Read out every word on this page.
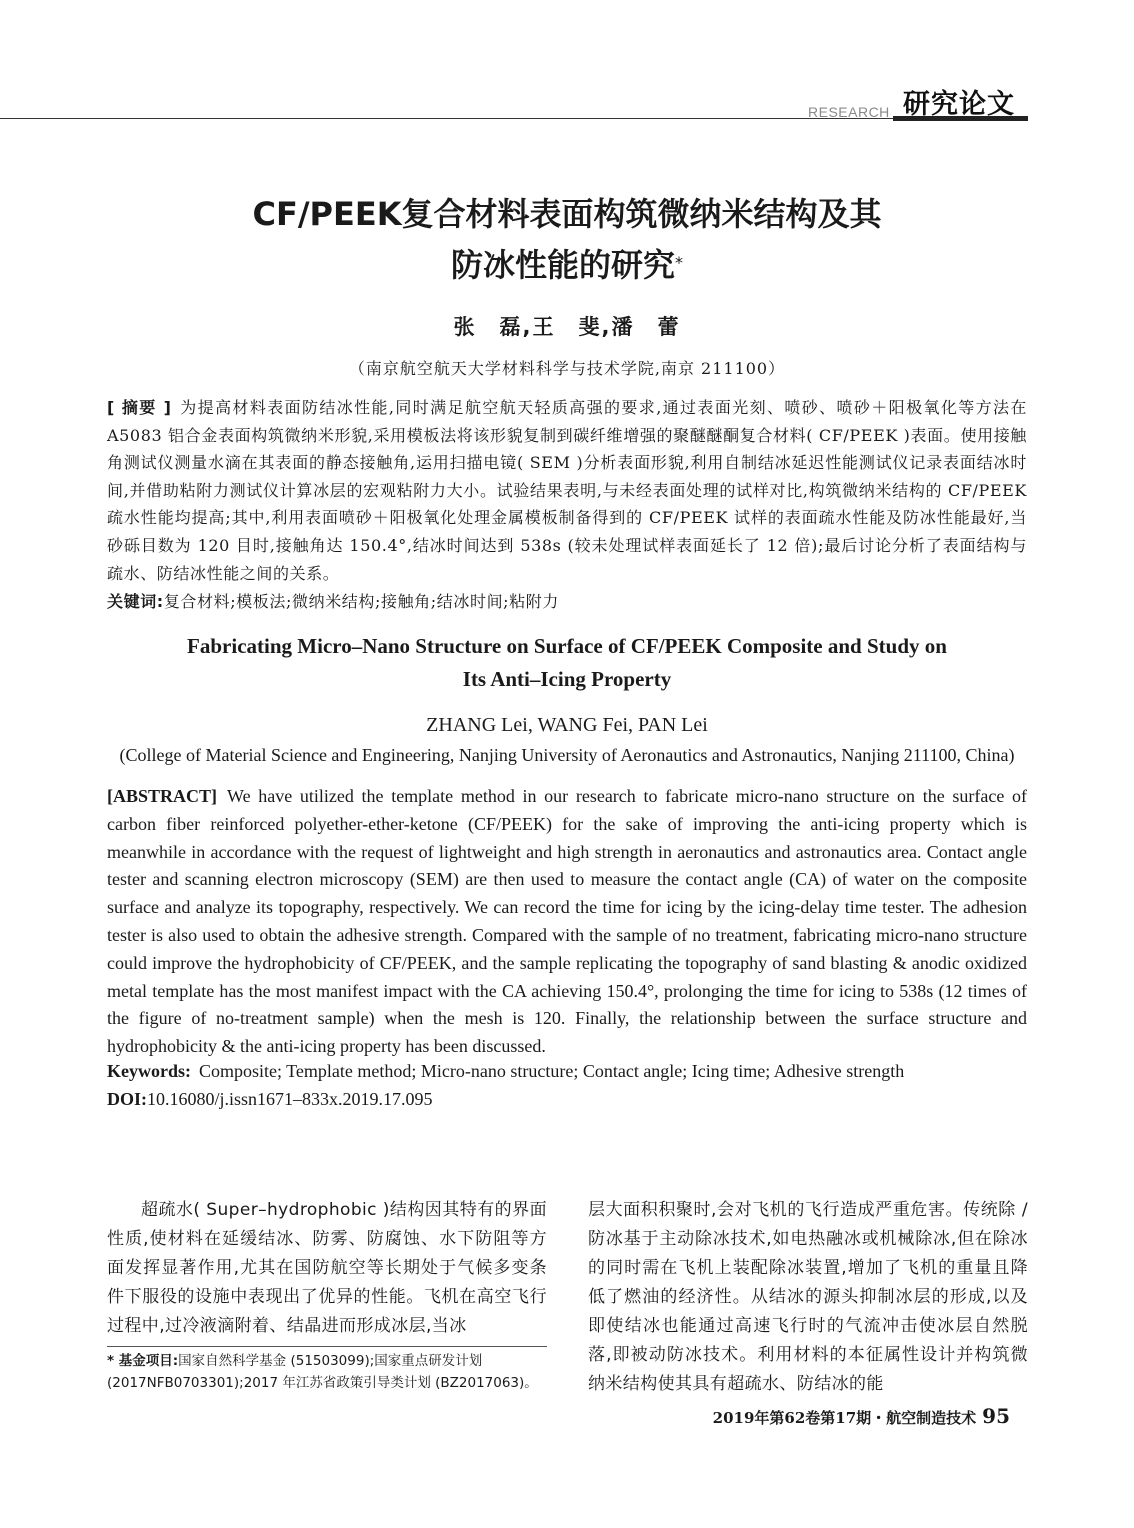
RESEARCH 研究论文
CF/PEEK复合材料表面构筑微纳米结构及其
防冰性能的研究*
张　磊,王　斐,潘　蕾
（南京航空航天大学材料科学与技术学院,南京 211100）
[ 摘要 ] 为提高材料表面防结冰性能,同时满足航空航天轻质高强的要求,通过表面光刻、喷砂、喷砂＋阳极氧化等方法在 A5083 铝合金表面构筑微纳米形貌,采用模板法将该形貌复制到碳纤维增强的聚醚醚酮复合材料( CF/PEEK )表面。使用接触角测试仪测量水滴在其表面的静态接触角,运用扫描电镜( SEM )分析表面形貌,利用自制结冰延迟性能测试仪记录表面结冰时间,并借助粘附力测试仪计算冰层的宏观粘附力大小。试验结果表明,与未经表面处理的试样对比,构筑微纳米结构的 CF/PEEK 疏水性能均提高;其中,利用表面喷砂＋阳极氧化处理金属模板制备得到的 CF/PEEK 试样的表面疏水性能及防冰性能最好,当砂砾目数为 120 目时,接触角达 150.4°,结冰时间达到 538s (较未处理试样表面延长了 12 倍);最后讨论分析了表面结构与疏水、防结冰性能之间的关系。
关键词:复合材料;模板法;微纳米结构;接触角;结冰时间;粘附力
Fabricating Micro–Nano Structure on Surface of CF/PEEK Composite and Study on
Its Anti–Icing Property
ZHANG Lei, WANG Fei, PAN Lei
(College of Material Science and Engineering, Nanjing University of Aeronautics and Astronautics, Nanjing 211100, China)
[ABSTRACT] We have utilized the template method in our research to fabricate micro-nano structure on the surface of carbon fiber reinforced polyether-ether-ketone (CF/PEEK) for the sake of improving the anti-icing property which is meanwhile in accordance with the request of lightweight and high strength in aeronautics and astronautics area. Contact angle tester and scanning electron microscopy (SEM) are then used to measure the contact angle (CA) of water on the composite surface and analyze its topography, respectively. We can record the time for icing by the icing-delay time tester. The adhesion tester is also used to obtain the adhesive strength. Compared with the sample of no treatment, fabricating micro-nano structure could improve the hydrophobicity of CF/PEEK, and the sample replicating the topography of sand blasting & anodic oxidized metal template has the most manifest impact with the CA achieving 150.4°, prolonging the time for icing to 538s (12 times of the figure of no-treatment sample) when the mesh is 120. Finally, the relationship between the surface structure and hydrophobicity & the anti-icing property has been discussed.
Keywords: Composite; Template method; Micro-nano structure; Contact angle; Icing time; Adhesive strength
DOI:10.16080/j.issn1671–833x.2019.17.095
超疏水( Super–hydrophobic )结构因其特有的界面性质,使材料在延缓结冰、防雾、防腐蚀、水下防阻等方面发挥显著作用,尤其在国防航空等长期处于气候多变条件下服役的设施中表现出了优异的性能。飞机在高空飞行过程中,过冷液滴附着、结晶进而形成冰层,当冰
层大面积积聚时,会对飞机的飞行造成严重危害。传统除 / 防冰基于主动除冰技术,如电热融冰或机械除冰,但在除冰的同时需在飞机上装配除冰装置,增加了飞机的重量且降低了燃油的经济性。从结冰的源头抑制冰层的形成,以及即使结冰也能通过高速飞行时的气流冲击使冰层自然脱落,即被动防冰技术。利用材料的本征属性设计并构筑微纳米结构使其具有超疏水、防结冰的能
* 基金项目:国家自然科学基金 (51503099);国家重点研发计划 (2017NFB0703301);2017 年江苏省政策引导类计划 (BZ2017063)。
2019年第62卷第17期・航空制造技术 95
